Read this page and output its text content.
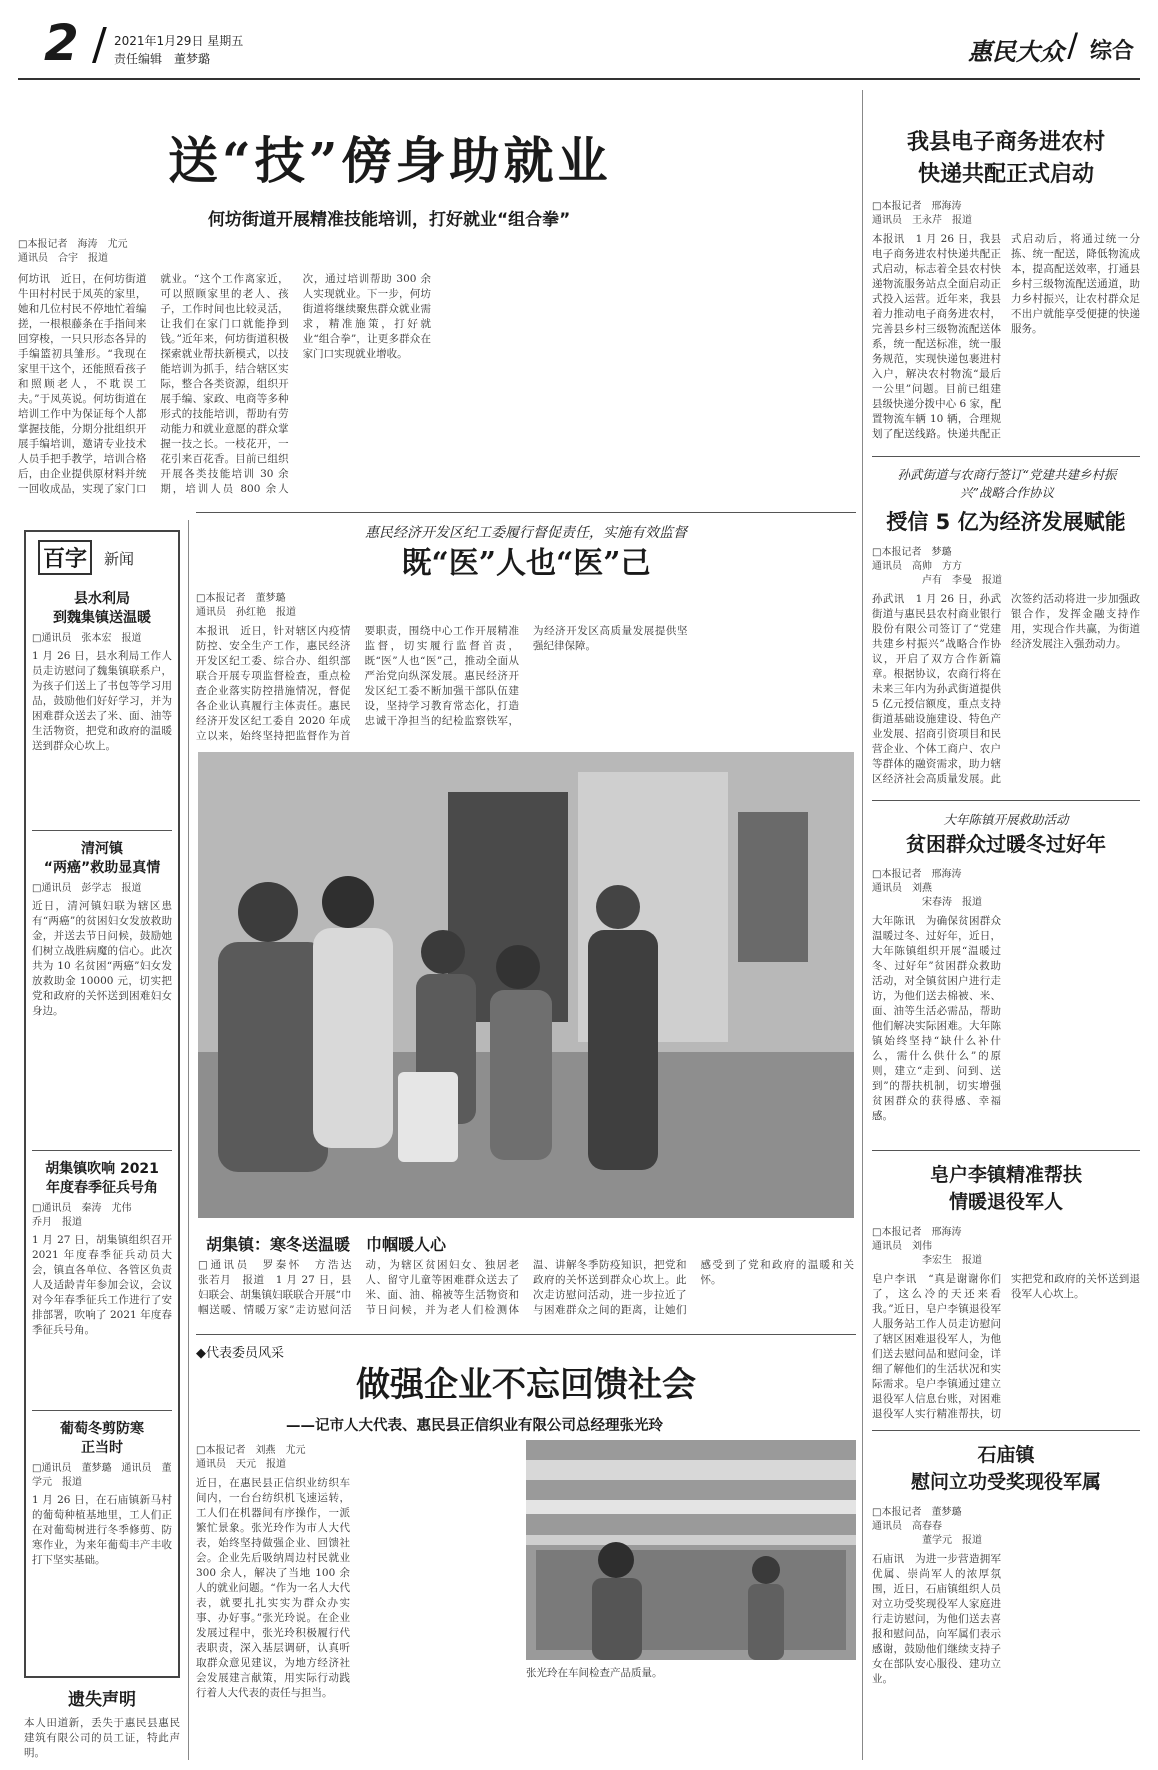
2 / 2021年1月29日 星期五
责任编辑　董梦璐	惠民大众 / 综合
送“技”傍身助就业
何坊街道开展精准技能培训，打好就业“组合拳”
□本报记者　海涛　尤元
通讯员　合宇　报道
何坊讯　近日，在何坊街道牛田村村民于凤英的家里，她和几位村民不停地忙着编搓，一根根藤条在手指间来回穿梭，一只只形态各异的手编篮初具雏形。“我现在家里干这个，还能照看孩子和照顾老人，不耽误工夫。”于凤英说。何坊街道在培训工作中为保证每个人都掌握技能，分期分批组织开展手编培训，邀请专业技术人员手把手教学，培训合格后，由企业提供原材料并统一回收成品，实现了家门口就业。“这个工作离家近，可以照顾家里的老人、孩子，工作时间也比较灵活，让我们在家门口就能挣到钱。”近年来，何坊街道积极探索就业帮扶新模式，以技能培训为抓手，结合辖区实际，整合各类资源，组织开展手编、家政、电商等多种形式的技能培训，帮助有劳动能力和就业意愿的群众掌握一技之长。一枝花开，一花引来百花香。目前已组织开展各类技能培训 30 余期，培训人员 800 余人次，通过培训帮助 300 余人实现就业。下一步，何坊街道将继续聚焦群众就业需求，精准施策，打好就业“组合拳”，让更多群众在家门口实现就业增收。
我县电子商务进农村
快递共配正式启动
□本报记者　邢海涛
通讯员　王永芹　报道
本报讯　1 月 26 日，我县电子商务进农村快递共配正式启动，标志着全县农村快递物流服务站点全面启动正式投入运营。近年来，我县着力推动电子商务进农村，完善县乡村三级物流配送体系，统一配送标准，统一服务规范，实现快递包裹进村入户，解决农村物流“最后一公里”问题。目前已组建县级快递分拨中心 6 家，配置物流车辆 10 辆，合理规划了配送线路。快递共配正式启动后，将通过统一分拣、统一配送，降低物流成本，提高配送效率，打通县乡村三级物流配送通道，助力乡村振兴，让农村群众足不出户就能享受便捷的快递服务。
孙武街道与农商行签订“党建共建乡村振兴”战略合作协议
授信 5 亿为经济发展赋能
□本报记者　梦璐
通讯员　高帅　方方
　　　　　卢有　李曼　报道
孙武讯　1 月 26 日，孙武街道与惠民县农村商业银行股份有限公司签订了“党建共建乡村振兴”战略合作协议，开启了双方合作新篇章。根据协议，农商行将在未来三年内为孙武街道提供 5 亿元授信额度，重点支持街道基础设施建设、特色产业发展、招商引资项目和民营企业、个体工商户、农户等群体的融资需求，助力辖区经济社会高质量发展。此次签约活动将进一步加强政银合作，发挥金融支持作用，实现合作共赢，为街道经济发展注入强劲动力。
大年陈镇开展救助活动
贫困群众过暖冬过好年
□本报记者　邢海涛
通讯员　刘燕
　　　　　宋春涛　报道
大年陈讯　为确保贫困群众温暖过冬、过好年，近日，大年陈镇组织开展“温暖过冬、过好年”贫困群众救助活动，对全镇贫困户进行走访，为他们送去棉被、米、面、油等生活必需品，帮助他们解决实际困难。大年陈镇始终坚持“缺什么补什么，需什么供什么”的原则，建立“走到、问到、送到”的帮扶机制，切实增强贫困群众的获得感、幸福感。
皂户李镇精准帮扶
情暖退役军人
□本报记者　邢海涛
通讯员　刘伟
　　　　　李宏生　报道
皂户李讯　“真是谢谢你们了，这么冷的天还来看我。”近日，皂户李镇退役军人服务站工作人员走访慰问了辖区困难退役军人，为他们送去慰问品和慰问金，详细了解他们的生活状况和实际需求。皂户李镇通过建立退役军人信息台账，对困难退役军人实行精准帮扶，切实把党和政府的关怀送到退役军人心坎上。
石庙镇
慰问立功受奖现役军属
□本报记者　董梦璐
通讯员　高春春
　　　　　董学元　报道
石庙讯　为进一步营造拥军优属、崇尚军人的浓厚氛围，近日，石庙镇组织人员对立功受奖现役军人家庭进行走访慰问，为他们送去喜报和慰问品，向军属们表示感谢，鼓励他们继续支持子女在部队安心服役、建功立业。
百字	新闻
县水利局
到魏集镇送温暖
□通讯员　张本宏　报道
1 月 26 日，县水利局工作人员走访慰问了魏集镇联系户，为孩子们送上了书包等学习用品，鼓励他们好好学习，并为困难群众送去了米、面、油等生活物资，把党和政府的温暖送到群众心坎上。
清河镇
“两癌”救助显真情
□通讯员　彭学志　报道
近日，清河镇妇联为辖区患有“两癌”的贫困妇女发放救助金，并送去节日问候，鼓励她们树立战胜病魔的信心。此次共为 10 名贫困“两癌”妇女发放救助金 10000 元，切实把党和政府的关怀送到困难妇女身边。
胡集镇吹响 2021
年度春季征兵号角
□通讯员　秦涛　尤伟　　　　　乔月　报道
1 月 27 日，胡集镇组织召开 2021 年度春季征兵动员大会，镇直各单位、各管区负责人及适龄青年参加会议，会议对今年春季征兵工作进行了安排部署，吹响了 2021 年度春季征兵号角。
葡萄冬剪防寒
正当时
□通讯员　董梦璐　通讯员　董学元　报道
1 月 26 日，在石庙镇新马村的葡萄种植基地里，工人们正在对葡萄树进行冬季修剪、防寒作业，为来年葡萄丰产丰收打下坚实基础。
遗失声明
本人田道新，丢失于惠民县惠民建筑有限公司的员工证，特此声明。
惠民经济开发区纪工委履行督促责任，实施有效监督
既“医”人也“医”己
□本报记者　董梦璐
通讯员　孙红艳　报道
本报讯　近日，针对辖区内疫情防控、安全生产工作，惠民经济开发区纪工委、综合办、组织部联合开展专项监督检查，重点检查企业落实防控措施情况，督促各企业认真履行主体责任。惠民经济开发区纪工委自 2020 年成立以来，始终坚持把监督作为首要职责，围绕中心工作开展精准监督，切实履行监督首责，既“医”人也“医”己，推动全面从严治党向纵深发展。惠民经济开发区纪工委不断加强干部队伍建设，坚持学习教育常态化，打造忠诚干净担当的纪检监察铁军，为经济开发区高质量发展提供坚强纪律保障。
胡集镇：寒冬送温暖　巾帼暖人心
□通讯员　罗秦怀　方浩达　　张若月　报道　1 月 27 日，县妇联会、胡集镇妇联联合开展“巾帼送暖、情暖万家”走访慰问活动，为辖区贫困妇女、独居老人、留守儿童等困难群众送去了米、面、油、棉被等生活物资和节日问候，并为老人们检测体温、讲解冬季防疫知识，把党和政府的关怀送到群众心坎上。此次走访慰问活动，进一步拉近了与困难群众之间的距离，让她们感受到了党和政府的温暖和关怀。
◆代表委员风采
做强企业不忘回馈社会
——记市人大代表、惠民县正信织业有限公司总经理张光玲
□本报记者　刘燕　尤元
通讯员　天元　报道
近日，在惠民县正信织业纺织车间内，一台台纺织机飞速运转，工人们在机器间有序操作，一派繁忙景象。张光玲作为市人大代表，始终坚持做强企业、回馈社会。企业先后吸纳周边村民就业 300 余人，解决了当地 100 余人的就业问题。“作为一名人大代表，就要扎扎实实为群众办实事、办好事。”张光玲说。在企业发展过程中，张光玲积极履行代表职责，深入基层调研，认真听取群众意见建议，为地方经济社会发展建言献策，用实际行动践行着人大代表的责任与担当。
张光玲在车间检查产品质量。
